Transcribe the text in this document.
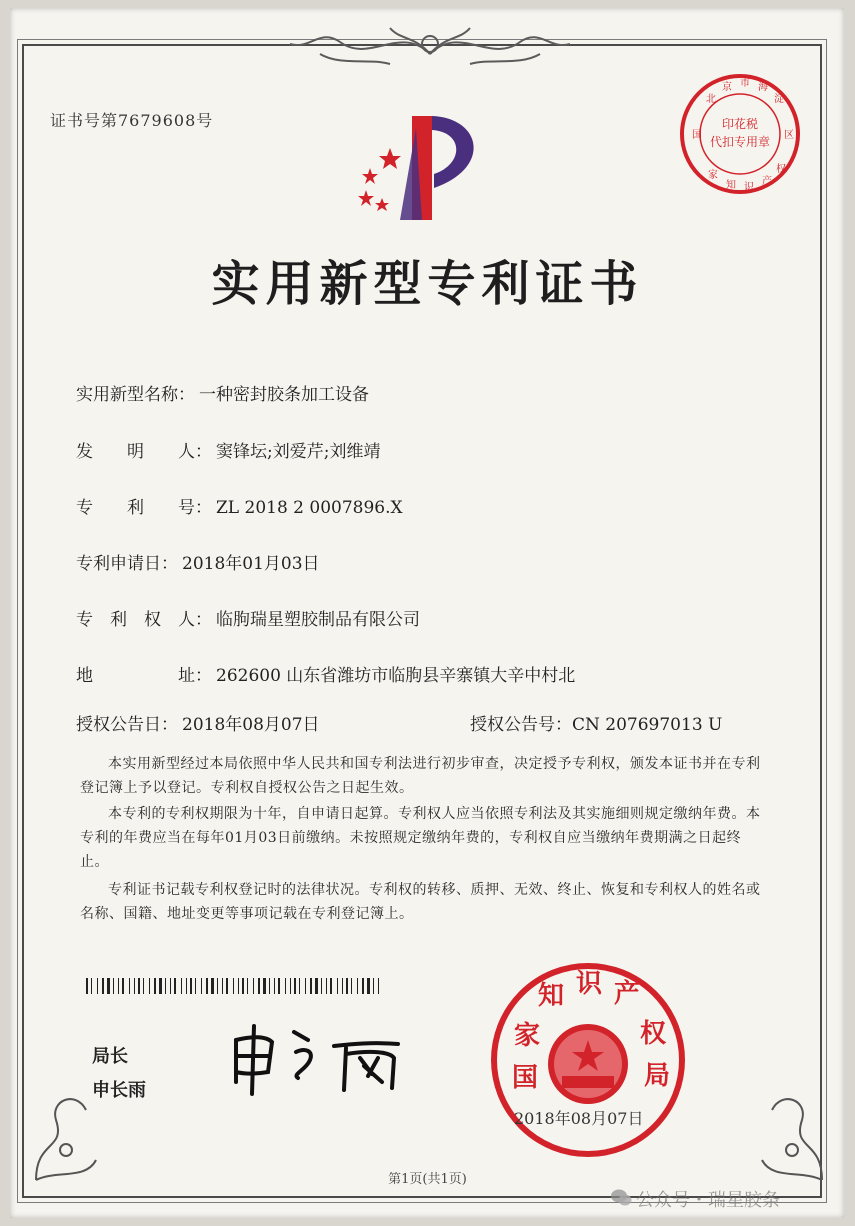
证书号第7679608号	印花税
代扣专用章
北
京 市 海
淀
国	区
家
知 识
产
权
实用新型专利证书
实用新型名称： 一种密封胶条加工设备
发　　明　　人： 窦锋坛;刘爱芹;刘维靖
专　　利　　号： ZL 2018 2 0007896.X
专利申请日： 2018年01月03日
专　利　权　人： 临朐瑞星塑胶制品有限公司
地　　　　　址： 262600 山东省潍坊市临朐县辛寨镇大辛中村北
授权公告日： 2018年08月07日	授权公告号：CN 207697013 U
本实用新型经过本局依照中华人民共和国专利法进行初步审查，决定授予专利权，颁发本证书并在专利登记簿上予以登记。专利权自授权公告之日起生效。
本专利的专利权期限为十年，自申请日起算。专利权人应当依照专利法及其实施细则规定缴纳年费。本专利的年费应当在每年01月03日前缴纳。未按照规定缴纳年费的，专利权自应当缴纳年费期满之日起终止。
专利证书记载专利权登记时的法律状况。专利权的转移、质押、无效、终止、恢复和专利权人的姓名或名称、国籍、地址变更等事项记载在专利登记簿上。
局长
申长雨
家
知 识 产
权
国	局
2018年08月07日
第1页(共1页)
公众号・瑞星胶条
